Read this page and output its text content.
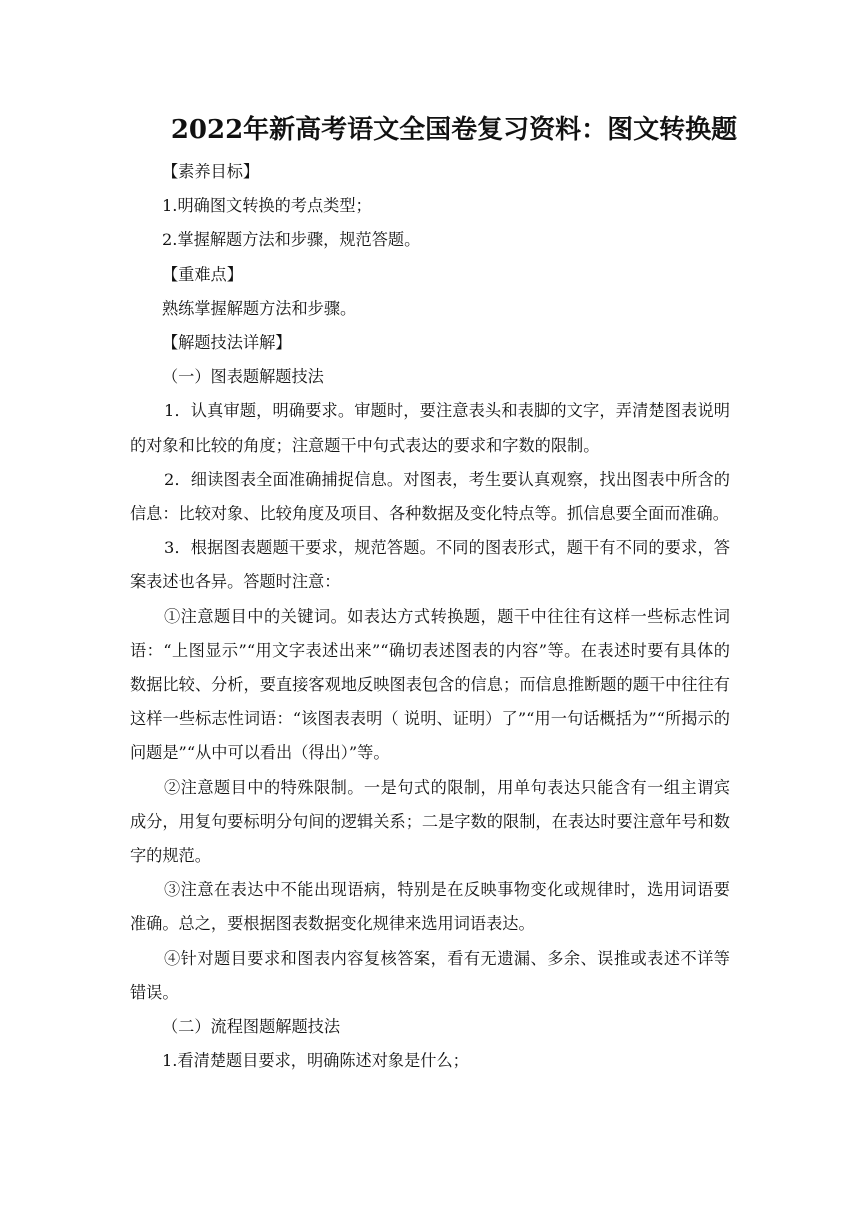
2022年新高考语文全国卷复习资料：图文转换题

【素养目标】

1.明确图文转换的考点类型；

2.掌握解题方法和步骤，规范答题。

【重难点】

熟练掌握解题方法和步骤。

【解题技法详解】

（一）图表题解题技法

1．认真审题，明确要求。审题时，要注意表头和表脚的文字，弄清楚图表说明的对象和比较的角度；注意题干中句式表达的要求和字数的限制。

2．细读图表全面准确捕捉信息。对图表，考生要认真观察，找出图表中所含的信息：比较对象、比较角度及项目、各种数据及变化特点等。抓信息要全面而准确。

3．根据图表题题干要求，规范答题。不同的图表形式，题干有不同的要求，答案表述也各异。答题时注意：

①注意题目中的关键词。如表达方式转换题，题干中往往有这样一些标志性词语：“上图显示”“用文字表述出来”“确切表述图表的内容”等。在表述时要有具体的数据比较、分析，要直接客观地反映图表包含的信息；而信息推断题的题干中往往有这样一些标志性词语：“该图表表明（ 说明、证明）了”“用一句话概括为”“所揭示的问题是”“从中可以看出（得出）”等。

②注意题目中的特殊限制。一是句式的限制，用单句表达只能含有一组主谓宾成分，用复句要标明分句间的逻辑关系；二是字数的限制，在表达时要注意年号和数字的规范。

③注意在表达中不能出现语病，特别是在反映事物变化或规律时，选用词语要准确。总之，要根据图表数据变化规律来选用词语表达。

④针对题目要求和图表内容复核答案，看有无遗漏、多余、误推或表述不详等错误。

（二）流程图题解题技法

1.看清楚题目要求，明确陈述对象是什么；
